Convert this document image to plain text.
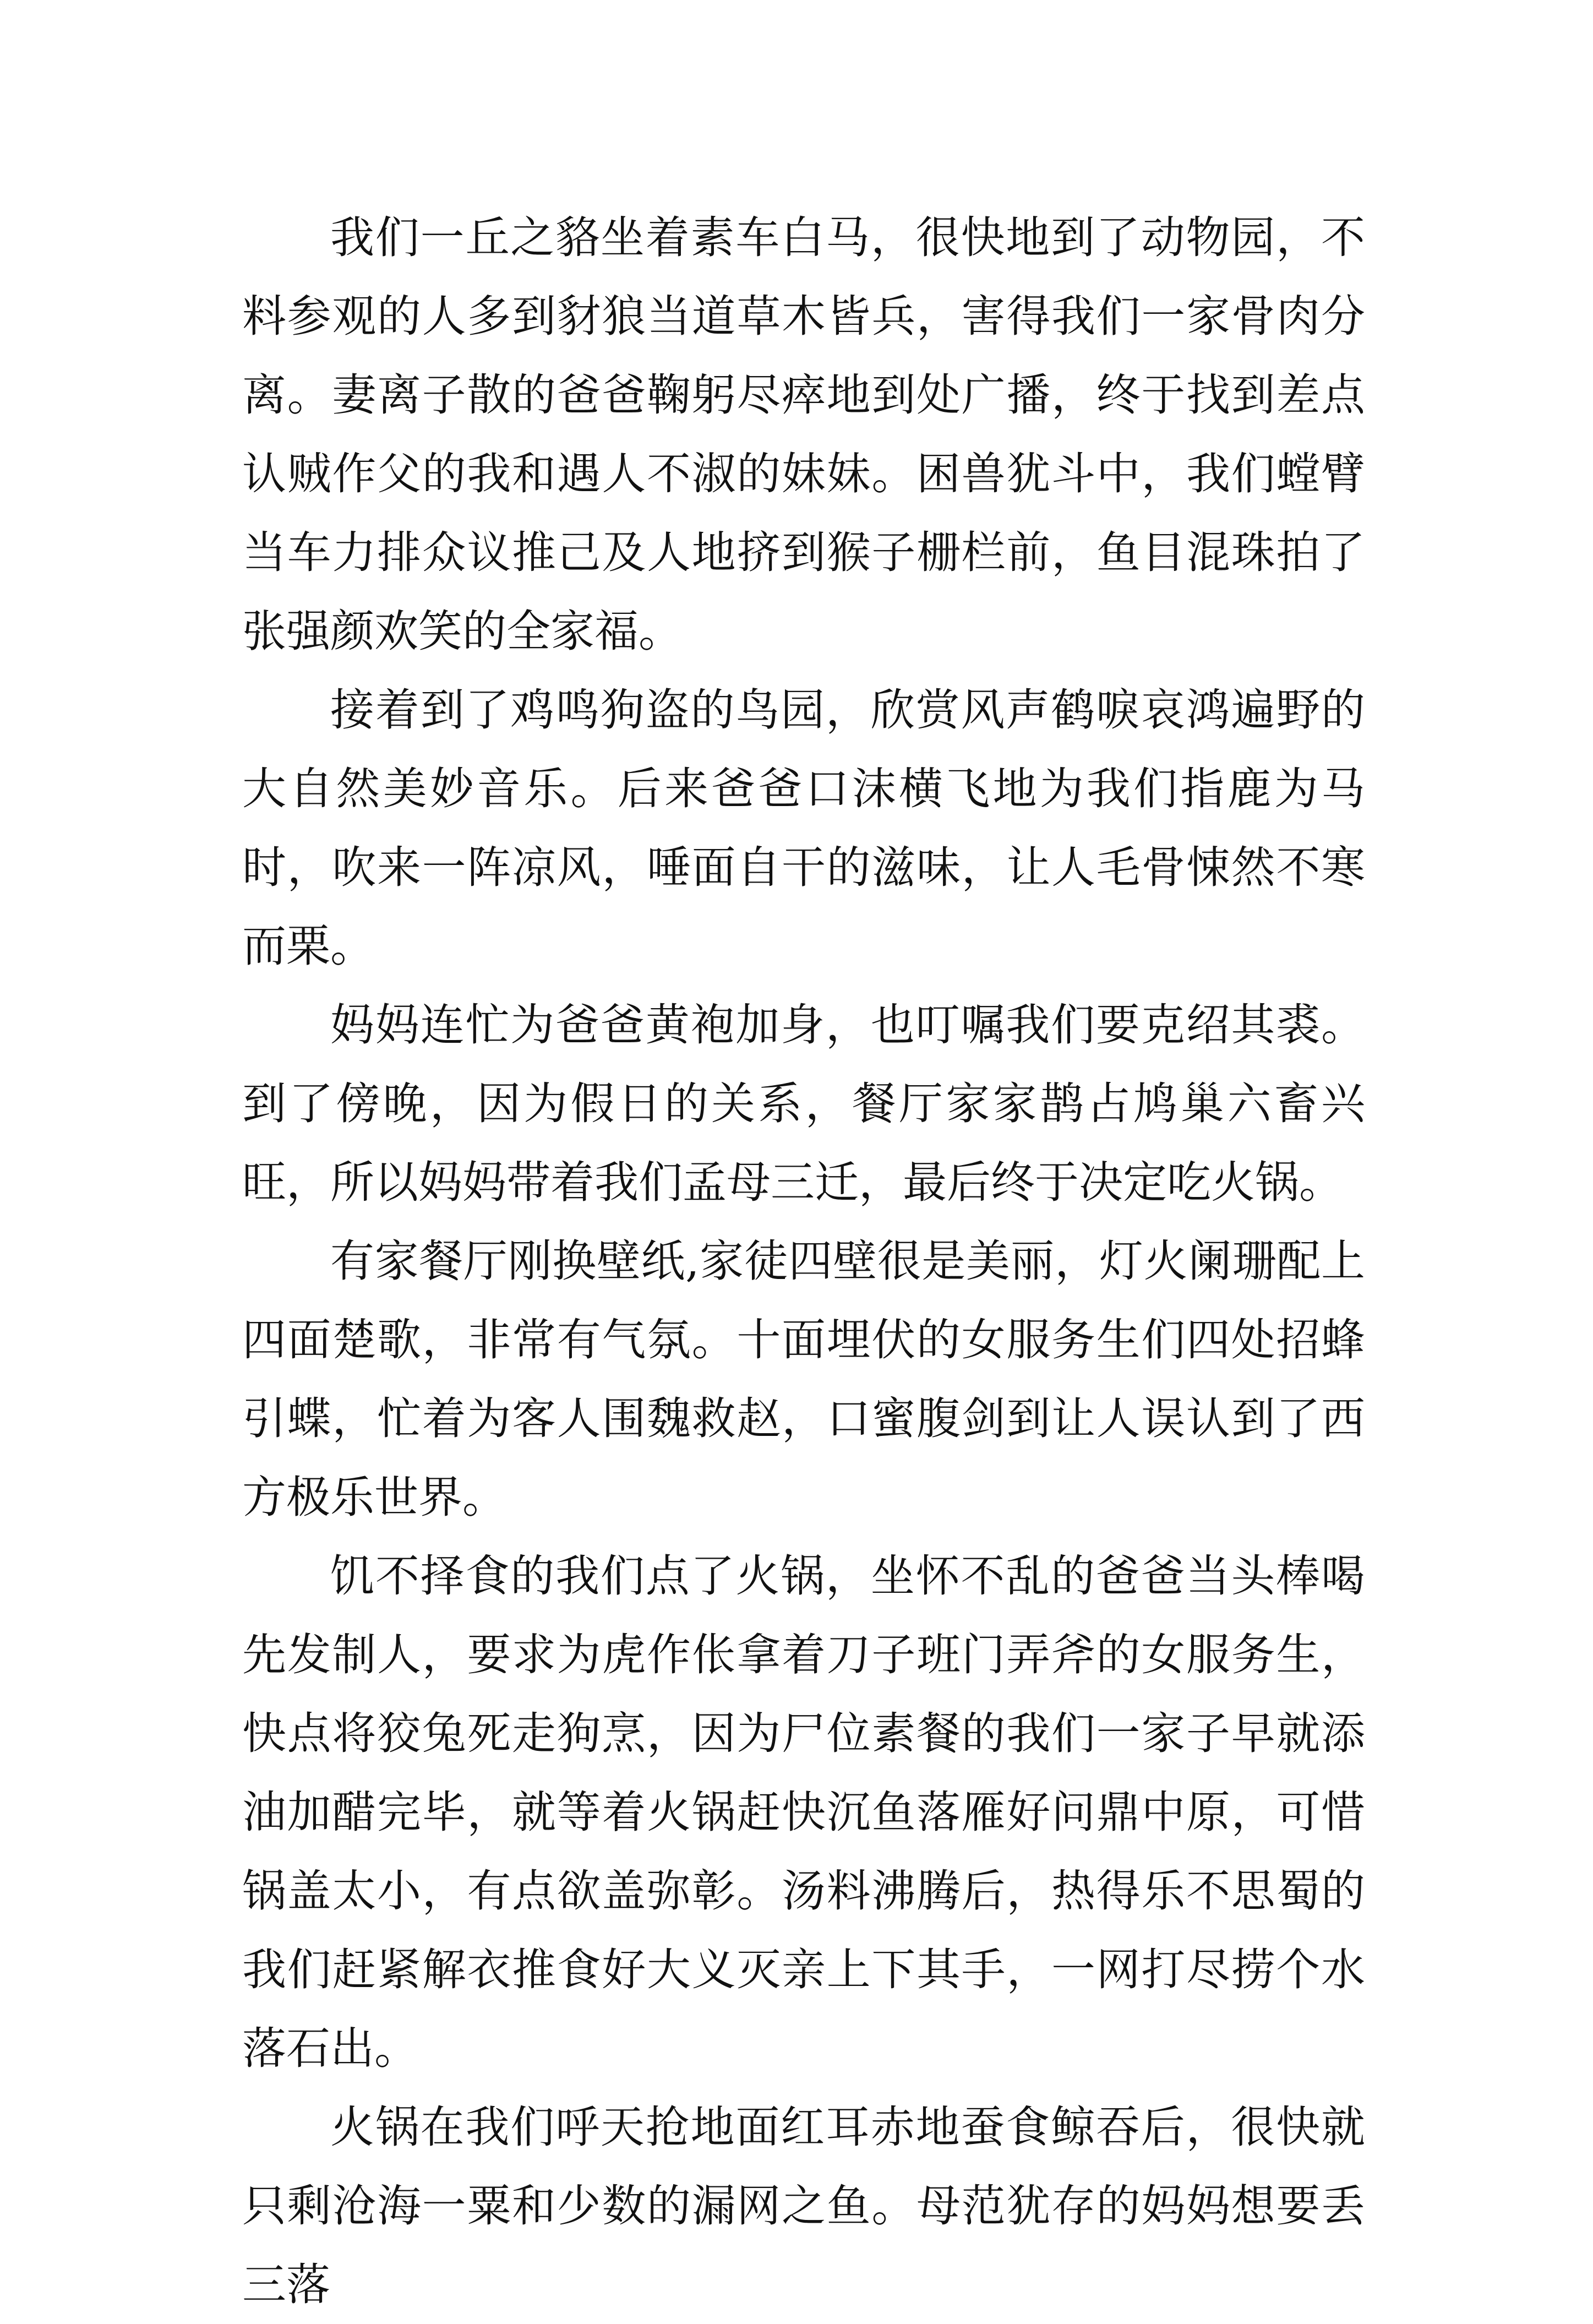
我们一丘之貉坐着素车白马，很快地到了动物园，不料参观的人多到豺狼当道草木皆兵，害得我们一家骨肉分离。妻离子散的爸爸鞠躬尽瘁地到处广播，终于找到差点认贼作父的我和遇人不淑的妹妹。困兽犹斗中，我们螳臂当车力排众议推己及人地挤到猴子栅栏前，鱼目混珠拍了张强颜欢笑的全家福。

接着到了鸡鸣狗盗的鸟园，欣赏风声鹤唳哀鸿遍野的大自然美妙音乐。后来爸爸口沫横飞地为我们指鹿为马时，吹来一阵凉风，唾面自干的滋味，让人毛骨悚然不寒而栗。

妈妈连忙为爸爸黄袍加身，也叮嘱我们要克绍其裘。到了傍晚，因为假日的关系，餐厅家家鹊占鸠巢六畜兴旺，所以妈妈带着我们孟母三迁，最后终于决定吃火锅。

有家餐厅刚换壁纸,家徒四壁很是美丽，灯火阑珊配上四面楚歌，非常有气氛。十面埋伏的女服务生们四处招蜂引蝶，忙着为客人围魏救赵，口蜜腹剑到让人误认到了西方极乐世界。

饥不择食的我们点了火锅，坐怀不乱的爸爸当头棒喝先发制人，要求为虎作伥拿着刀子班门弄斧的女服务生，快点将狡兔死走狗烹，因为尸位素餐的我们一家子早就添油加醋完毕，就等着火锅赶快沉鱼落雁好问鼎中原，可惜锅盖太小，有点欲盖弥彰。汤料沸腾后，热得乐不思蜀的我们赶紧解衣推食好大义灭亲上下其手，一网打尽捞个水落石出。

火锅在我们呼天抢地面红耳赤地蚕食鲸吞后，很快就只剩沧海一粟和少数的漏网之鱼。母范犹存的妈妈想要丢三落
